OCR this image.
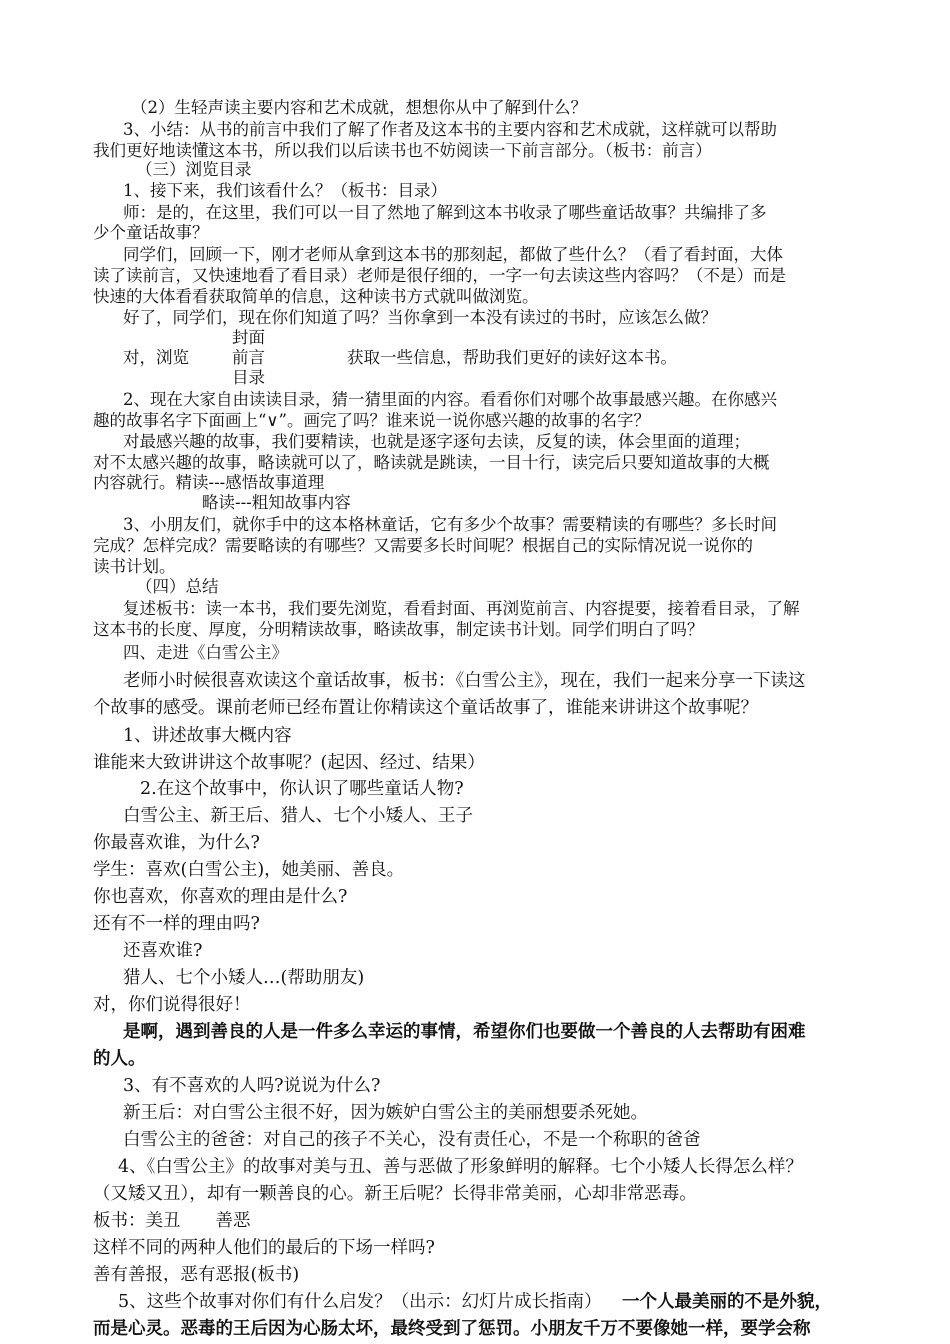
（2）生轻声读主要内容和艺术成就，想想你从中了解到什么？

3、小结：从书的前言中我们了解了作者及这本书的主要内容和艺术成就，这样就可以帮助

我们更好地读懂这本书，所以我们以后读书也不妨阅读一下前言部分。（板书：前言）

（三）浏览目录

1、接下来，我们该看什么？（板书：目录）

师：是的，在这里，我们可以一目了然地了解到这本书收录了哪些童话故事？共编排了多

少个童话故事？

同学们，回顾一下，刚才老师从拿到这本书的那刻起，都做了些什么？（看了看封面，大体

读了读前言，又快速地看了看目录）老师是很仔细的，一字一句去读这些内容吗？（不是）而是

快速的大体看看获取简单的信息，这种读书方式就叫做浏览。

好了，同学们，现在你们知道了吗？当你拿到一本没有读过的书时，应该怎么做？

封面

对，浏览	前言	获取一些信息，帮助我们更好的读好这本书。

目录

2、现在大家自由读读目录，猜一猜里面的内容。看看你们对哪个故事最感兴趣。在你感兴

趣的故事名字下面画上“∨”。画完了吗？谁来说一说你感兴趣的故事的名字？

对最感兴趣的故事，我们要精读，也就是逐字逐句去读，反复的读，体会里面的道理；

对不太感兴趣的故事，略读就可以了，略读就是跳读，一目十行，读完后只要知道故事的大概

内容就行。精读---感悟故事道理

略读---粗知故事内容

3、小朋友们，就你手中的这本格林童话，它有多少个故事？需要精读的有哪些？多长时间

完成？怎样完成？需要略读的有哪些？又需要多长时间呢？根据自己的实际情况说一说你的

读书计划。

（四）总结

复述板书：读一本书，我们要先浏览，看看封面、再浏览前言、内容提要，接着看目录，了解

这本书的长度、厚度，分明精读故事，略读故事，制定读书计划。同学们明白了吗？

四、走进《白雪公主》

老师小时候很喜欢读这个童话故事，板书：《白雪公主》，现在，我们一起来分享一下读这

个故事的感受。课前老师已经布置让你精读这个童话故事了，谁能来讲讲这个故事呢？

1、讲述故事大概内容

谁能来大致讲讲这个故事呢？(起因、经过、结果）

2.在这个故事中，你认识了哪些童话人物?

白雪公主、新王后、猎人、七个小矮人、王子

你最喜欢谁，为什么?

学生：喜欢(白雪公主)，她美丽、善良。

你也喜欢，你喜欢的理由是什么?

还有不一样的理由吗?

还喜欢谁?

猎人、七个小矮人…(帮助朋友)

对，你们说得很好！

是啊，遇到善良的人是一件多么幸运的事情，希望你们也要做一个善良的人去帮助有困难

的人。

3、有不喜欢的人吗?说说为什么?

新王后：对白雪公主很不好，因为嫉妒白雪公主的美丽想要杀死她。

白雪公主的爸爸：对自己的孩子不关心，没有责任心，不是一个称职的爸爸

4、《白雪公主》的故事对美与丑、善与恶做了形象鲜明的解释。七个小矮人长得怎么样？

（又矮又丑），却有一颗善良的心。新王后呢？长得非常美丽，心却非常恶毒。

板书：美丑　　善恶

这样不同的两种人他们的最后的下场一样吗?

善有善报，恶有恶报(板书)

5、这些个故事对你们有什么启发？（出示：幻灯片成长指南） 一个人最美丽的不是外貌，

而是心灵。恶毒的王后因为心肠太坏，最终受到了惩罚。小朋友千万不要像她一样，要学会称
